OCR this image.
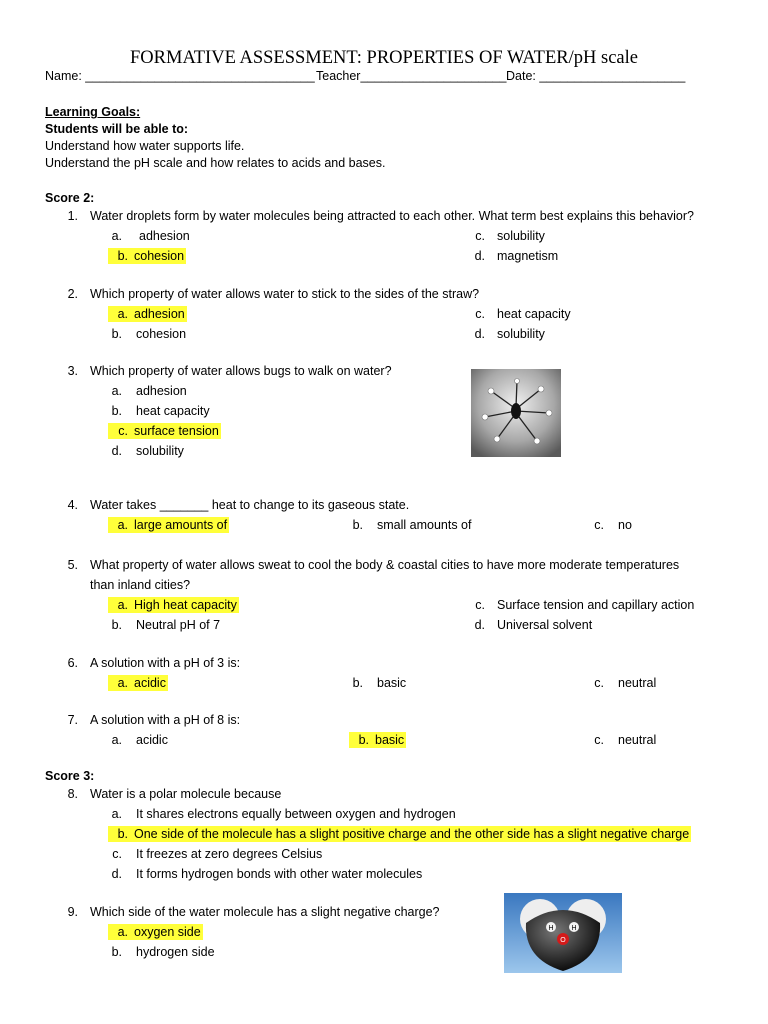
FORMATIVE ASSESSMENT: PROPERTIES OF WATER/pH scale
Name: _________________________________ Teacher_____________________ Date: _____________________
Learning Goals:
Students will be able to:
Understand how water supports life.
Understand the pH scale and how relates to acids and bases.
Score 2:
1. Water droplets form by water molecules being attracted to each other. What term best explains this behavior?
a. adhesion
b. cohesion
c. solubility
d. magnetism
2. Which property of water allows water to stick to the sides of the straw?
a. adhesion
b. cohesion
c. heat capacity
d. solubility
3. Which property of water allows bugs to walk on water?
a. adhesion
b. heat capacity
c. surface tension
d. solubility
4. Water takes _______ heat to change to its gaseous state.
a. large amounts of	b. small amounts of	c. no
5. What property of water allows sweat to cool the body & coastal cities to have more moderate temperatures
than inland cities?
a. High heat capacity
b. Neutral pH of 7
c. Surface tension and capillary action
d. Universal solvent
6. A solution with a pH of 3 is:
a. acidic	b. basic	c. neutral
7. A solution with a pH of 8 is:
a. acidic	b. basic	c. neutral
Score 3:
8. Water is a polar molecule because
a. It shares electrons equally between oxygen and hydrogen
b. One side of the molecule has a slight positive charge and the other side has a slight negative charge
c. It freezes at zero degrees Celsius
d. It forms hydrogen bonds with other water molecules
9. Which side of the water molecule has a slight negative charge?
a. oxygen side
b. hydrogen side
H	H
O
